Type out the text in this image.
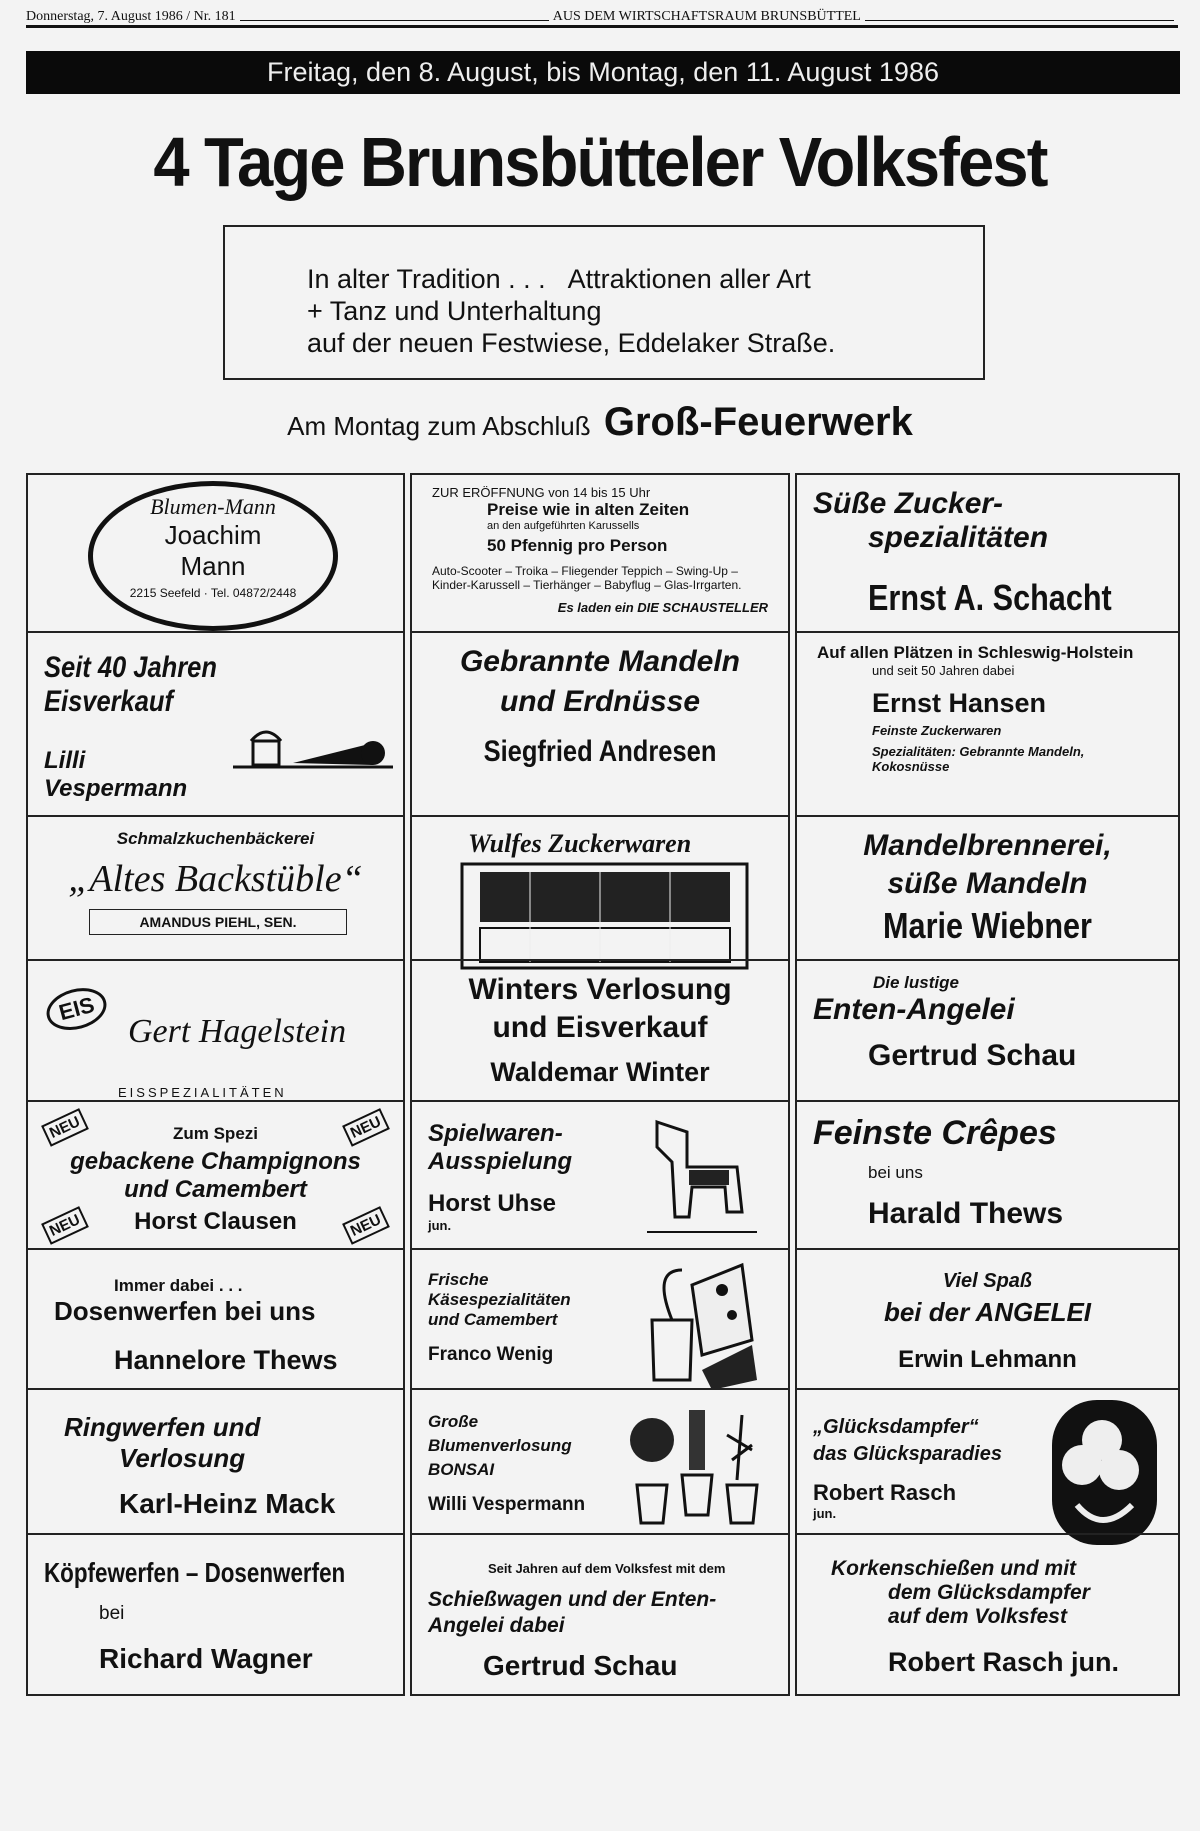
Donnerstag, 7. August 1986 / Nr. 181	AUS DEM WIRTSCHAFTSRAUM BRUNSBÜTTEL
Freitag, den 8. August, bis Montag, den 11. August 1986
4 Tage Brunsbütteler Volksfest
In alter Tradition . . . Attraktionen aller Art
+ Tanz und Unterhaltung
auf der neuen Festwiese, Eddelaker Straße.
Am Montag zum Abschluß Groß-Feuerwerk
Blumen-Mann
Joachim
Mann
2215 Seefeld · Tel. 04872/2448
ZUR ERÖFFNUNG von 14 bis 15 Uhr
Preise wie in alten Zeiten
an den aufgeführten Karussells
50 Pfennig pro Person
Auto-Scooter – Troika – Fliegender Teppich – Swing-Up – Kinder-Karussell – Tierhänger – Babyflug – Glas-Irrgarten.
Es laden ein DIE SCHAUSTELLER
Süße Zucker-
spezialitäten
Ernst A. Schacht
Seit 40 Jahren Eisverkauf
Lilli
Vespermann
Gebrannte Mandeln
und Erdnüsse
Siegfried Andresen
Auf allen Plätzen in Schleswig-Holstein
und seit 50 Jahren dabei
Ernst Hansen
Feinste Zuckerwaren
Spezialitäten: Gebrannte Mandeln, Kokosnüsse
Schmalzkuchenbäckerei
„Altes Backstüble“
AMANDUS PIEHL, SEN.
Wulfes Zuckerwaren	Mandelbrennerei,
süße Mandeln
Marie Wiebner
EIS
Gert Hagelstein
EISSPEZIALITÄTEN
Winters Verlosung
und Eisverkauf
Waldemar Winter
Die lustige
Enten-Angelei
Gertrud Schau
NEU	NEU
NEU	NEU
Zum Spezi
gebackene Champignons
und Camembert
Horst Clausen
Spielwaren-
Ausspielung
Horst Uhse
jun.
Feinste Crêpes
bei uns
Harald Thews
Immer dabei . . .
Dosenwerfen bei uns
Hannelore Thews
Frische
Käsespezialitäten
und Camembert
Franco Wenig
Viel Spaß
bei der ANGELEI
Erwin Lehmann
Ringwerfen und
Verlosung
Karl-Heinz Mack
Große
Blumenverlosung
BONSAI
Willi Vespermann
„Glücksdampfer“
das Glücksparadies
Robert Rasch
jun.
Köpfewerfen – Dosenwerfen
bei
Richard Wagner
Seit Jahren auf dem Volksfest mit dem
Schießwagen und der Enten-
Angelei dabei
Gertrud Schau
Korkenschießen und mit
dem Glücksdampfer
auf dem Volksfest
Robert Rasch jun.
